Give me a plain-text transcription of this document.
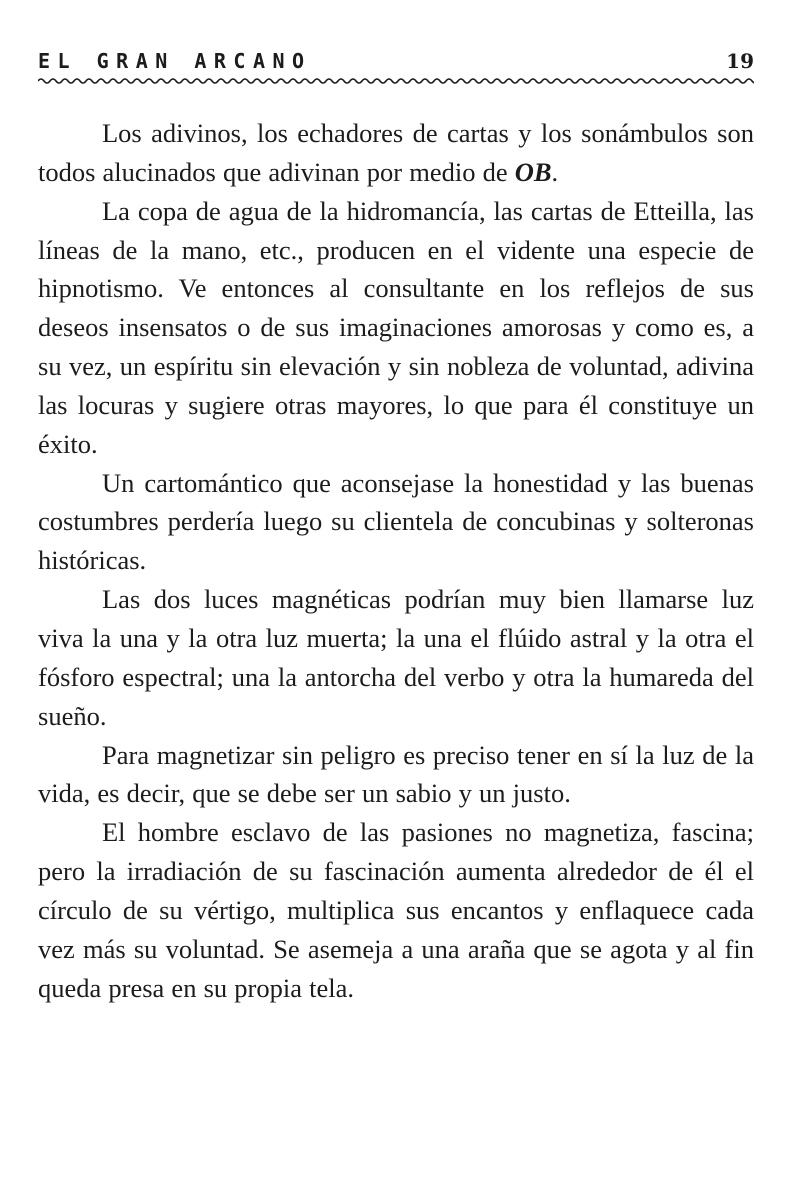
EL GRAN ARCANO	19

Los adivinos, los echadores de cartas y los sonámbulos son todos alucinados que adivinan por medio de OB.

La copa de agua de la hidromancía, las cartas de Etteilla, las líneas de la mano, etc., producen en el vidente una especie de hipnotismo. Ve entonces al consultante en los reflejos de sus deseos insensatos o de sus imaginaciones amorosas y como es, a su vez, un espíritu sin elevación y sin nobleza de voluntad, adivina las locuras y sugiere otras mayores, lo que para él constituye un éxito.

Un cartomántico que aconsejase la honestidad y las buenas costumbres perdería luego su clientela de concubinas y solteronas históricas.

Las dos luces magnéticas podrían muy bien llamarse luz viva la una y la otra luz muerta; la una el flúido astral y la otra el fósforo espectral; una la antorcha del verbo y otra la humareda del sueño.

Para magnetizar sin peligro es preciso tener en sí la luz de la vida, es decir, que se debe ser un sabio y un justo.

El hombre esclavo de las pasiones no magnetiza, fascina; pero la irradiación de su fascinación aumenta alrededor de él el círculo de su vértigo, multiplica sus encantos y enflaquece cada vez más su voluntad. Se asemeja a una araña que se agota y al fin queda presa en su propia tela.
